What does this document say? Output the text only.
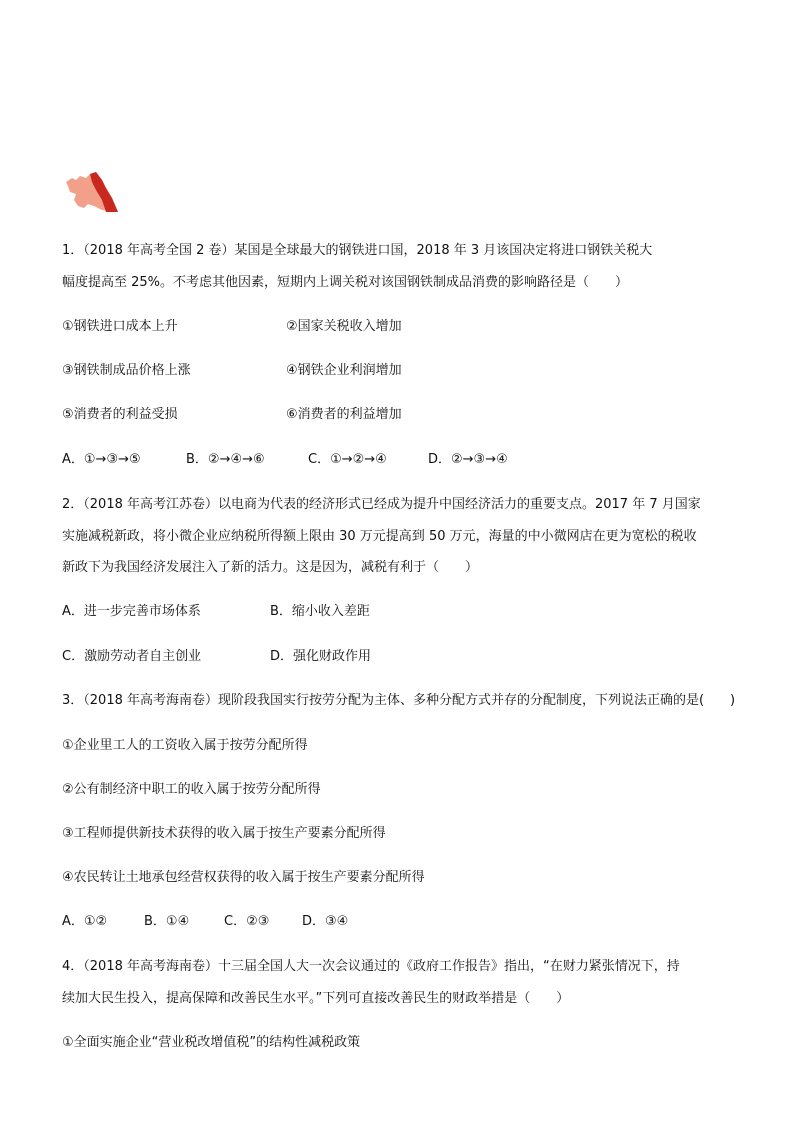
1．（2018 年高考全国 2 卷）某国是全球最大的钢铁进口国，2018 年 3 月该国决定将进口钢铁关税大
幅度提高至 25%。不考虑其他因素，短期内上调关税对该国钢铁制成品消费的影响路径是（　　）
①钢铁进口成本上升	②国家关税收入增加
③钢铁制成品价格上涨	④钢铁企业利润增加
⑤消费者的利益受损	⑥消费者的利益增加
A．①→③→⑤	B．②→④→⑥	C．①→②→④	D．②→③→④
2．（2018 年高考江苏卷）以电商为代表的经济形式已经成为提升中国经济活力的重要支点。2017 年 7 月国家
实施减税新政，将小微企业应纳税所得额上限由 30 万元提高到 50 万元，海量的中小微网店在更为宽松的税收
新政下为我国经济发展注入了新的活力。这是因为，减税有利于（　　）
A．进一步完善市场体系	B．缩小收入差距
C．激励劳动者自主创业	D．强化财政作用
3．（2018 年高考海南卷）现阶段我国实行按劳分配为主体、多种分配方式并存的分配制度，下列说法正确的是(　　)
①企业里工人的工资收入属于按劳分配所得
②公有制经济中职工的收入属于按劳分配所得
③工程师提供新技术获得的收入属于按生产要素分配所得
④农民转让土地承包经营权获得的收入属于按生产要素分配所得
A．①②	B．①④	C．②③	D．③④
4．（2018 年高考海南卷）十三届全国人大一次会议通过的《政府工作报告》指出，“在财力紧张情况下，持
续加大民生投入，提高保障和改善民生水平。”下列可直接改善民生的财政举措是（　　）
①全面实施企业“营业税改增值税”的结构性减税政策
